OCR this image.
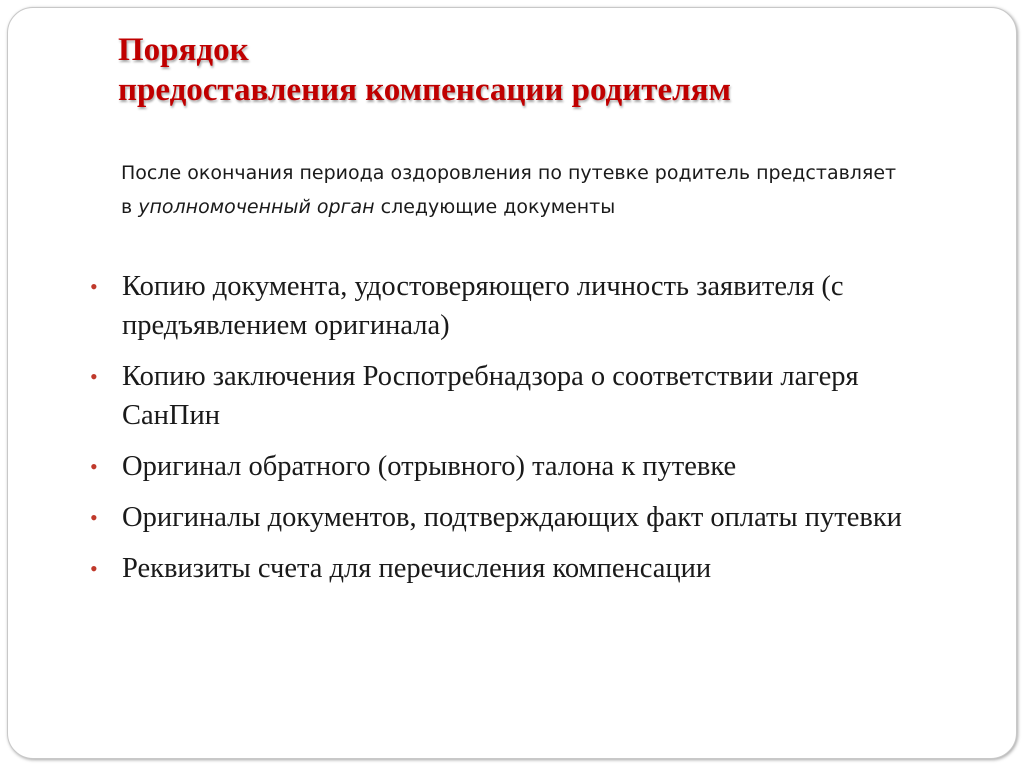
Порядок
предоставления компенсации родителям
После окончания периода оздоровления по путевке родитель представляет в уполномоченный орган следующие документы
• Копию документа, удостоверяющего личность заявителя (с предъявлением оригинала)
• Копию заключения Роспотребнадзора о соответствии лагеря СанПин
• Оригинал обратного (отрывного) талона к путевке
• Оригиналы документов, подтверждающих факт оплаты путевки
• Реквизиты счета для перечисления компенсации
